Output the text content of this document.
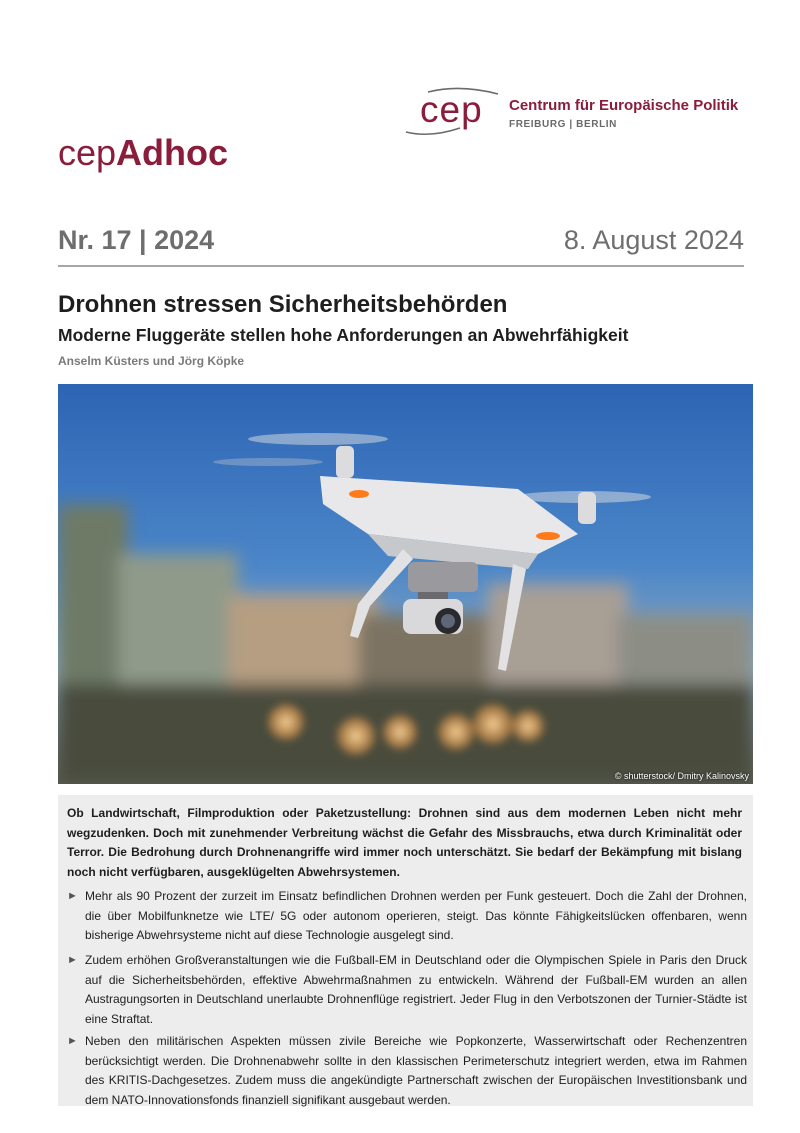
cep Centrum für Europäische Politik
FREIBURG | BERLIN
cepAdhoc
Nr. 17 | 2024	8. August 2024
Drohnen stressen Sicherheitsbehörden
Moderne Fluggeräte stellen hohe Anforderungen an Abwehrfähigkeit
Anselm Küsters und Jörg Köpke
© shutterstock/ Dmitry Kalinovsky
Ob Landwirtschaft, Filmproduktion oder Paketzustellung: Drohnen sind aus dem modernen Leben nicht mehr wegzudenken. Doch mit zunehmender Verbreitung wächst die Gefahr des Missbrauchs, etwa durch Kriminalität oder Terror. Die Bedrohung durch Drohnenangriffe wird immer noch unterschätzt. Sie bedarf der Bekämpfung mit bislang noch nicht verfügbaren, ausgeklügelten Abwehrsystemen.
► Mehr als 90 Prozent der zurzeit im Einsatz befindlichen Drohnen werden per Funk gesteuert. Doch die Zahl der Drohnen, die über Mobilfunknetze wie LTE/ 5G oder autonom operieren, steigt. Das könnte Fähigkeitslücken offenbaren, wenn bisherige Abwehrsysteme nicht auf diese Technologie ausgelegt sind.
► Zudem erhöhen Großveranstaltungen wie die Fußball-EM in Deutschland oder die Olympischen Spiele in Paris den Druck auf die Sicherheitsbehörden, effektive Abwehrmaßnahmen zu entwickeln. Während der Fußball-EM wurden an allen Austragungsorten in Deutschland unerlaubte Drohnenflüge registriert. Jeder Flug in den Verbotszonen der Turnier-Städte ist eine Straftat.
► Neben den militärischen Aspekten müssen zivile Bereiche wie Popkonzerte, Wasserwirtschaft oder Rechenzentren berücksichtigt werden. Die Drohnenabwehr sollte in den klassischen Perimeterschutz integriert werden, etwa im Rahmen des KRITIS-Dachgesetzes. Zudem muss die angekündigte Partnerschaft zwischen der Europäischen Investitionsbank und dem NATO-Innovationsfonds finanziell signifikant ausgebaut werden.
